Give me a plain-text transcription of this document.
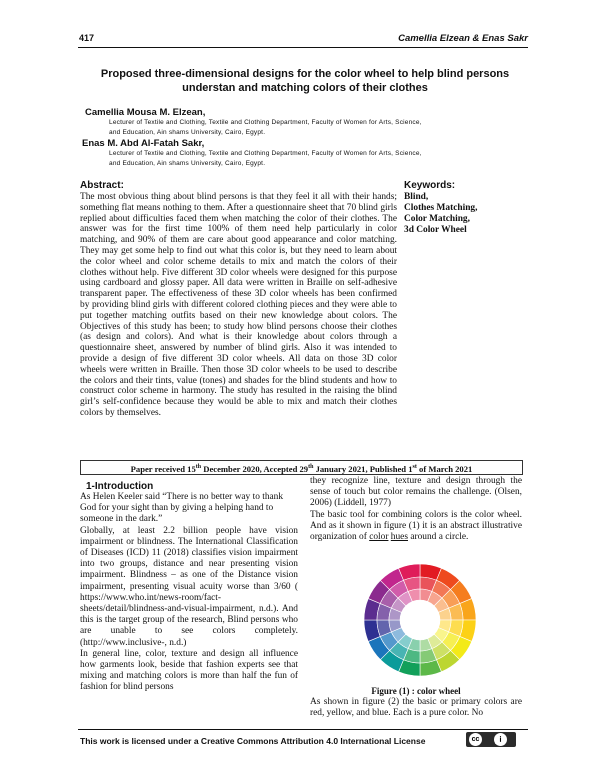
417	Camellia Elzean & Enas Sakr
Proposed three-dimensional designs for the color wheel to help blind persons
understan and matching colors of their clothes
Camellia Mousa M. Elzean,
Lecturer of Textile and Clothing, Textile and Clothing Department, Faculty of Women for Arts, Science,
and Education, Ain shams University, Cairo, Egypt.
Enas M. Abd Al-Fatah Sakr,
Lecturer of Textile and Clothing, Textile and Clothing Department, Faculty of Women for Arts, Science,
and Education, Ain shams University, Cairo, Egypt.
Abstract:
The most obvious thing about blind persons is that they feel it all with their hands; something flat means nothing to them. After a questionnaire sheet that 70 blind girls replied about difficulties faced them when matching the color of their clothes. The answer was for the first time 100% of them need help particularly in color matching, and 90% of them are care about good appearance and color matching. They may get some help to find out what this color is, but they need to learn about the color wheel and color scheme details to mix and match the colors of their clothes without help. Five different 3D color wheels were designed for this purpose using cardboard and glossy paper. All data were written in Braille on self-adhesive transparent paper. The effectiveness of these 3D color wheels has been confirmed by providing blind girls with different colored clothing pieces and they were able to put together matching outfits based on their new knowledge about colors. The Objectives of this study has been; to study how blind persons choose their clothes (as design and colors). And what is their knowledge about colors through a questionnaire sheet, answered by number of blind girls. Also it was intended to provide a design of five different 3D color wheels. All data on those 3D color wheels were written in Braille. Then those 3D color wheels to be used to describe the colors and their tints, value (tones) and shades for the blind students and how to construct color scheme in harmony. The study has resulted in the raising the blind girl’s self-confidence because they would be able to mix and match their clothes colors by themselves.
Keywords:
Blind,
Clothes Matching,
Color Matching,
3d Color Wheel
Paper received 15th December 2020, Accepted 29th January 2021, Published 1st of March 2021
1-Introduction

As Helen Keeler said “There is no better way to thank God for your sight than by giving a helping hand to someone in the dark.”

Globally, at least 2.2 billion people have vision impairment or blindness. The International Classification of Diseases (ICD) 11 (2018) classifies vision impairment into two groups, distance and near presenting vision impairment. Blindness – as one of the Distance vision impairment, presenting visual acuity worse than 3/60 ( https://www.who.int/news-room/fact-sheets/detail/blindness-and-visual-impairment, n.d.). And this is the target group of the research, Blind persons who are unable to see colors completely. (http://www.inclusive-, n.d.)

In general line, color, texture and design all influence how garments look, beside that fashion experts see that mixing and matching colors is more than half the fun of fashion for blind persons

they recognize line, texture and design through the sense of touch but color remains the challenge. (Olsen, 2006) (Liddell, 1977)

The basic tool for combining colors is the color wheel. And as it shown in figure (1) it is an abstract illustrative organization of color hues around a circle.

Figure (1) : color wheel

As shown in figure (2) the basic or primary colors are red, yellow, and blue. Each is a pure color. No

This work is licensed under a Creative Commons Attribution 4.0 International License	cc	i
BY
